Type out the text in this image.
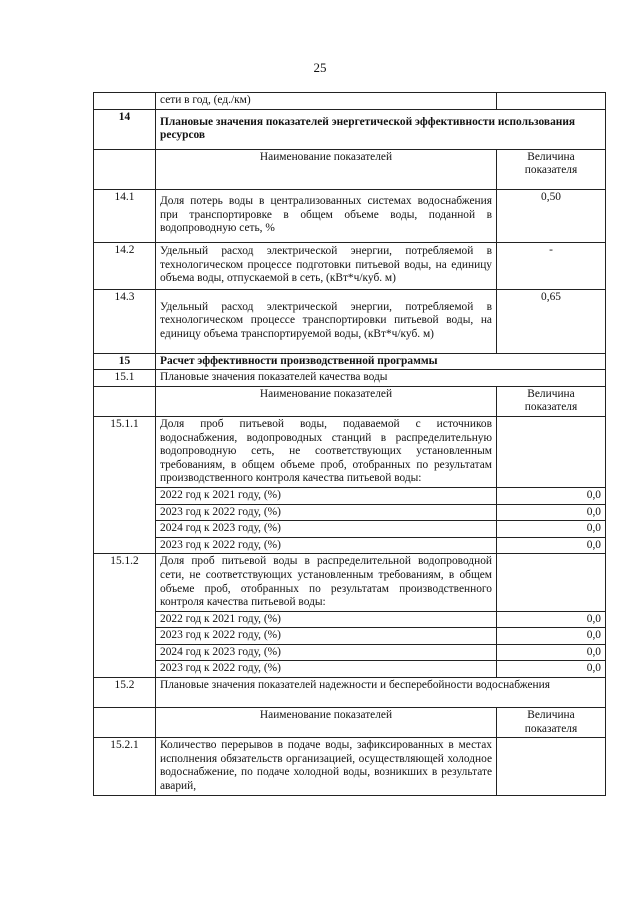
25
	сети в год, (ед./км)	
14	Плановые значения показателей энергетической эффективности использования ресурсов	
	Наименование показателей	Величина показателя
14.1	Доля потерь воды в централизованных системах водоснабжения при транспортировке в общем объеме воды, поданной в водопроводную сеть, %	0,50
14.2	Удельный расход электрической энергии, потребляемой в технологическом процессе подготовки питьевой воды, на единицу объема воды, отпускаемой в сеть, (кВт*ч/куб. м)	-
14.3	Удельный расход электрической энергии, потребляемой в технологическом процессе транспортировки питьевой воды, на единицу объема транспортируемой воды, (кВт*ч/куб. м)	0,65
15	Расчет эффективности производственной программы	
15.1	Плановые значения показателей качества воды	
	Наименование показателей	Величина показателя
15.1.1	Доля проб питьевой воды, подаваемой с источников водоснабжения, водопроводных станций в распределительную водопроводную сеть, не соответствующих установленным требованиям, в общем объеме проб, отобранных по результатам производственного контроля качества питьевой воды:	
	2022 год к 2021 году, (%)	0,0
	2023 год к 2022 году, (%)	0,0
	2024 год к 2023 году, (%)	0,0
	2023 год к 2022 году, (%)	0,0
15.1.2	Доля проб питьевой воды в распределительной водопроводной сети, не соответствующих установленным требованиям, в общем объеме проб, отобранных по результатам производственного контроля качества питьевой воды:	
	2022 год к 2021 году, (%)	0,0
	2023 год к 2022 году, (%)	0,0
	2024 год к 2023 году, (%)	0,0
	2023 год к 2022 году, (%)	0,0
15.2	Плановые значения показателей надежности и бесперебойности водоснабжения	
	Наименование показателей	Величина показателя
15.2.1	Количество перерывов в подаче воды, зафиксированных в местах исполнения обязательств организацией, осуществляющей холодное водоснабжение, по подаче холодной воды, возникших в результате аварий,	
